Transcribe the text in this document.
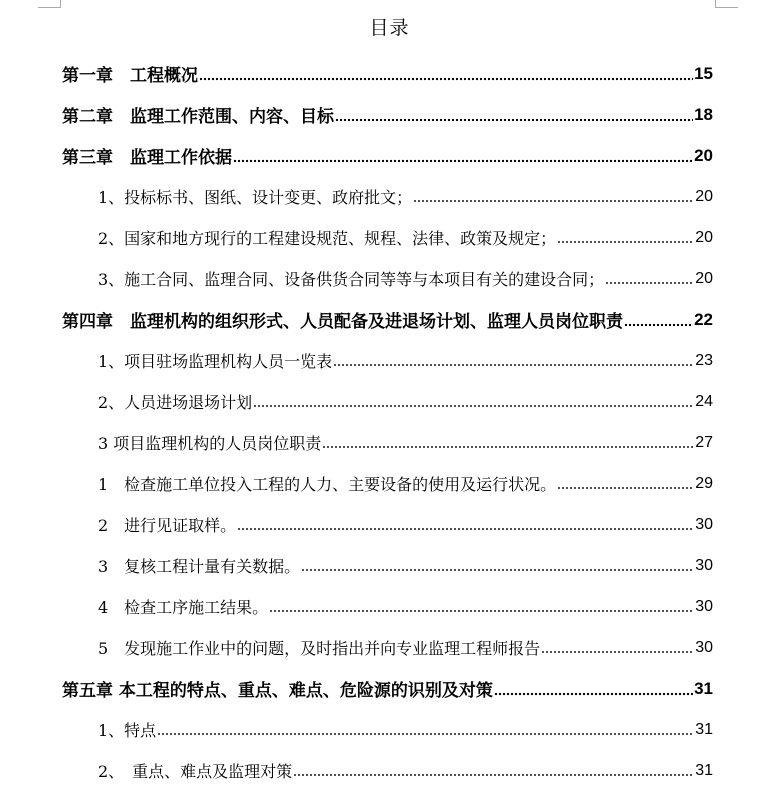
目录
第一章　工程概况	15
第二章　监理工作范围、内容、目标	18
第三章　监理工作依据	20
1、投标标书、图纸、设计变更、政府批文；	20
2、国家和地方现行的工程建设规范、规程、法律、政策及规定；	20
3、施工合同、监理合同、设备供货合同等等与本项目有关的建设合同；	20
第四章　监理机构的组织形式、人员配备及进退场计划、监理人员岗位职责	22
1、项目驻场监理机构人员一览表	23
2、人员进场退场计划	24
3 项目监理机构的人员岗位职责	27
1　检查施工单位投入工程的人力、主要设备的使用及运行状况。	29
2　进行见证取样。	30
3　复核工程计量有关数据。	30
4　检查工序施工结果。	30
5　发现施工作业中的问题，及时指出并向专业监理工程师报告	30
第五章 本工程的特点、重点、难点、危险源的识别及对策	31
1、特点	31
2、　重点、难点及监理对策	31
